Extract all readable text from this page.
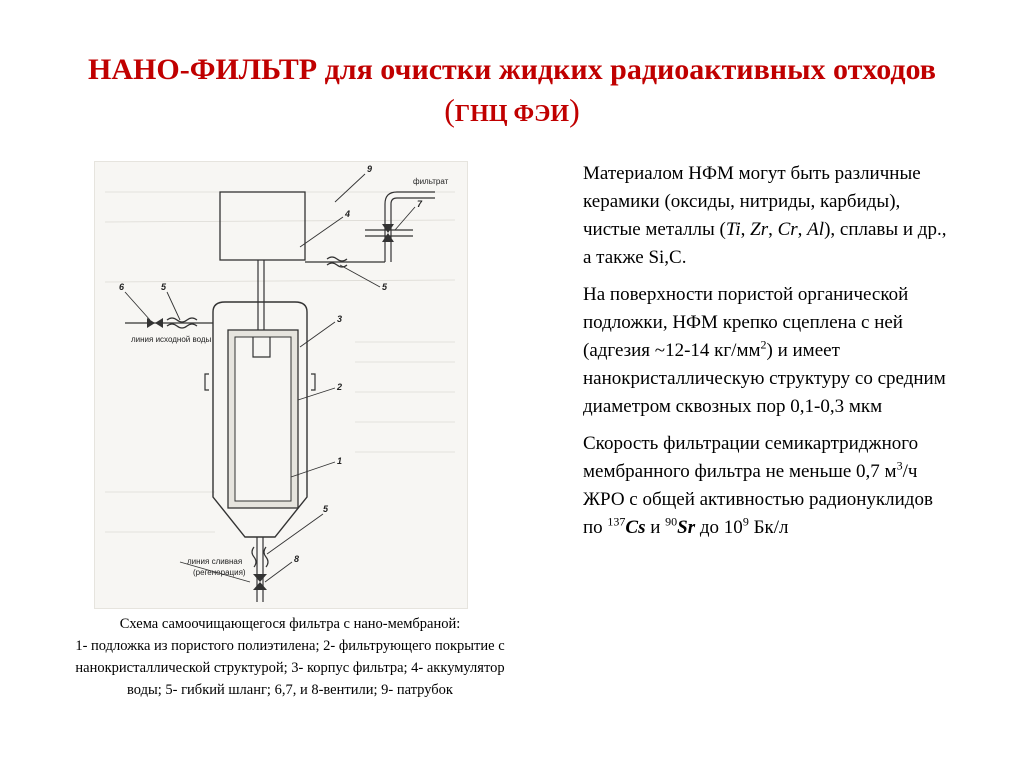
НАНО-ФИЛЬТР для очистки жидких радиоактивных отходов
(ГНЦ ФЭИ)
9
7
4
5
6	5
3
2
1
5
8
фильтрат
линия исходной воды
линия сливная
(регенерация)
Схема самоочищающегося фильтра с нано-мембраной:
1- подложка из пористого полиэтилена; 2- фильтрующего покрытие с нанокристаллической структурой; 3- корпус фильтра; 4- аккумулятор воды; 5- гибкий шланг; 6,7, и 8-вентили; 9- патрубок

Материалом НФМ могут быть различные керамики (оксиды, нитриды, карбиды), чистые металлы (Ti, Zr, Cr, Al), сплавы и др., а также Si,C.

На поверхности пористой органической подложки, НФМ крепко сцеплена с ней (адгезия ~12-14 $кг/мм^2$) и имеет нанокристаллическую структуру со средним диаметром сквозных пор 0,1-0,3 мкм

Скорость фильтрации семикартриджного мембранного фильтра не меньше 0,7 $м^3/ч$ ЖРО с общей активностью радионуклидов по $^{137}$Cs и $^{90}$Sr до $10^9$ Бк/л
